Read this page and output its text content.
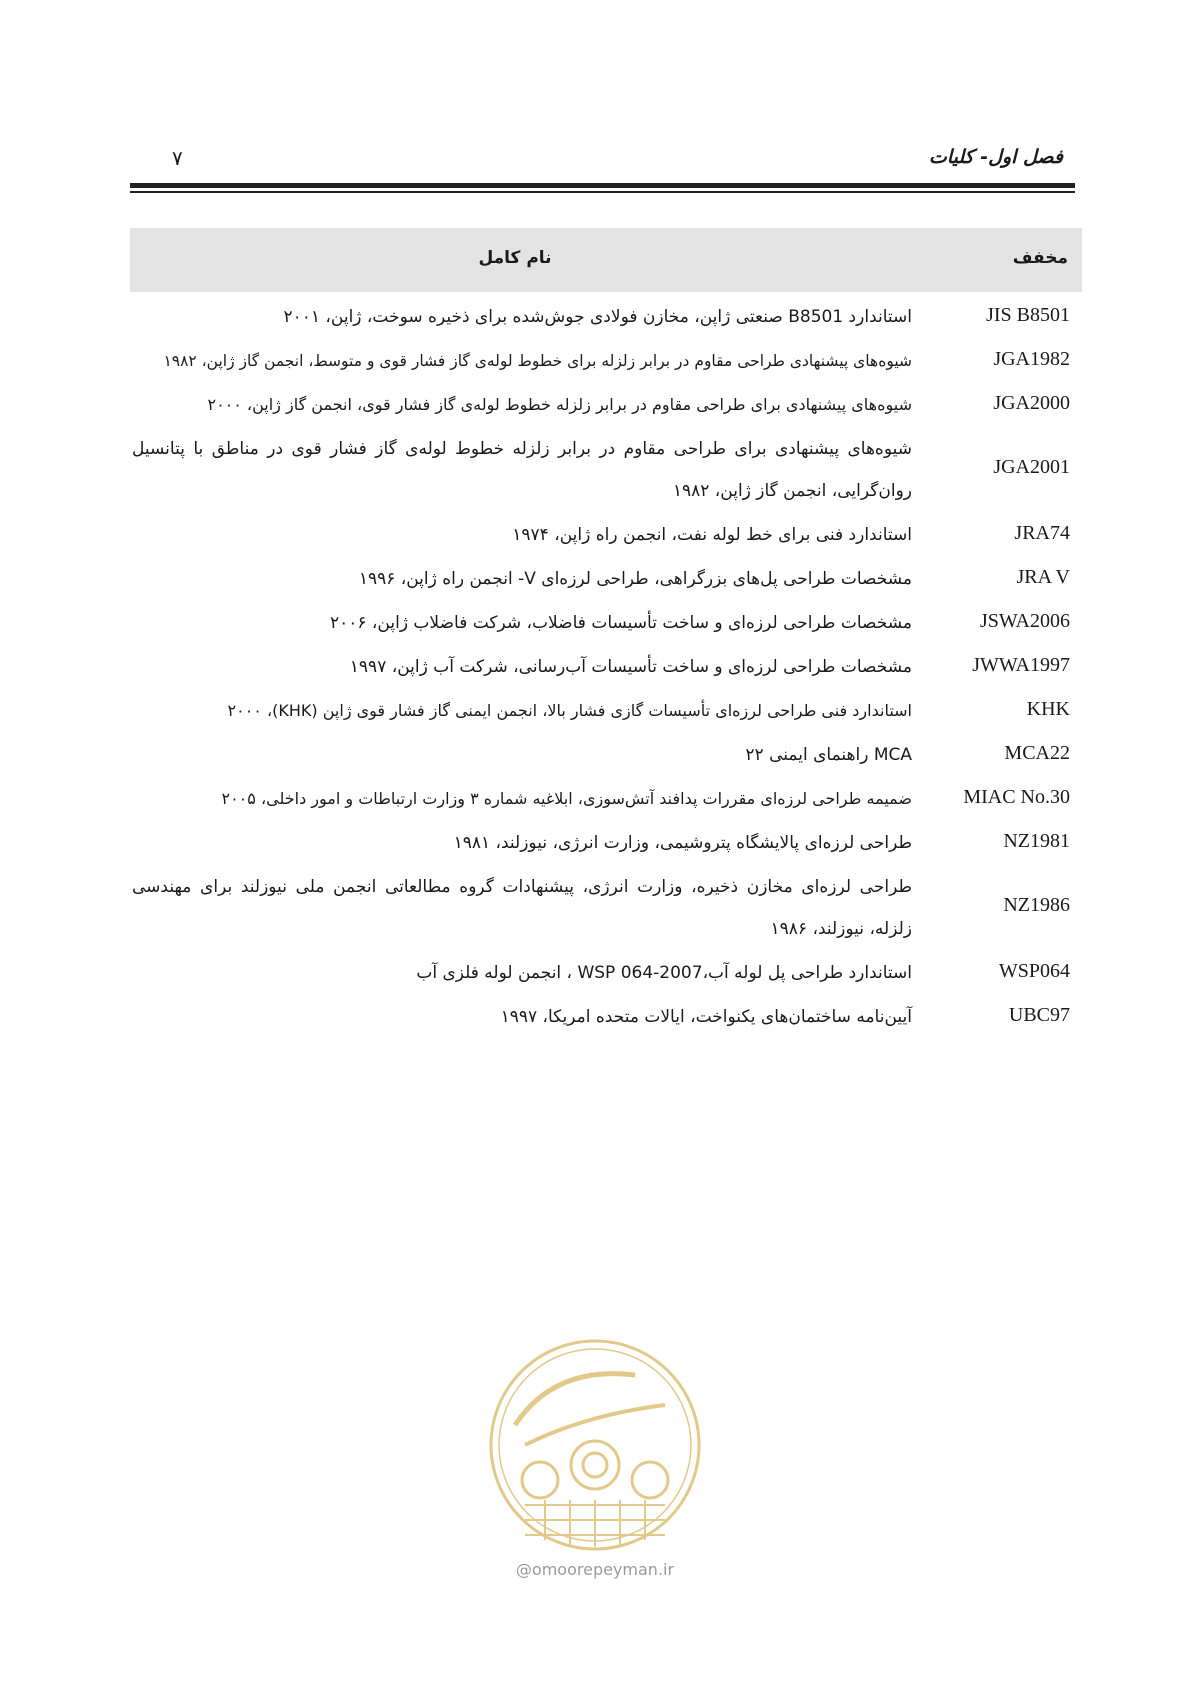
فصل اول- کلیات
۷
مخفف
نام کامل
JIS B8501
استاندارد B8501 صنعتی ژاپن، مخازن فولادی جوش‌شده برای ذخیره سوخت، ژاپن، ۲۰۰۱
JGA1982
شیوه‌های پیشنهادی طراحی مقاوم در برابر زلزله برای خطوط لوله‌ی گاز فشار قوی و متوسط، انجمن گاز ژاپن، ۱۹۸۲
JGA2000
شیوه‌های پیشنهادی برای طراحی مقاوم در برابر زلزله خطوط لوله‌ی گاز فشار قوی، انجمن گاز ژاپن، ۲۰۰۰
JGA2001
شیوه‌های پیشنهادی برای طراحی مقاوم در برابر زلزله خطوط لوله‌ی گاز فشار قوی در مناطق با پتانسیل روان‌گرایی، انجمن گاز ژاپن، ۱۹۸۲
JRA74
استاندارد فنی برای خط لوله نفت، انجمن راه ژاپن، ۱۹۷۴
JRA V
مشخصات طراحی پل‌های بزرگراهی، طراحی لرزه‌ای V- انجمن راه ژاپن، ۱۹۹۶
JSWA2006
مشخصات طراحی لرزه‌ای و ساخت تأسیسات فاضلاب، شرکت فاضلاب ژاپن، ۲۰۰۶
JWWA1997
مشخصات طراحی لرزه‌ای و ساخت تأسیسات آب‌رسانی، شرکت آب ژاپن، ۱۹۹۷
KHK
استاندارد فنی طراحی لرزه‌ای تأسیسات گازی فشار بالا، انجمن ایمنی گاز فشار قوی ژاپن (KHK)، ۲۰۰۰
MCA22
MCA راهنمای ایمنی ۲۲
MIAC No.30
ضمیمه طراحی لرزه‌ای مقررات پدافند آتش‌سوزی، ابلاغیه شماره ۳ وزارت ارتباطات و امور داخلی، ۲۰۰۵
NZ1981
طراحی لرزه‌ای پالایشگاه پتروشیمی، وزارت انرژی، نیوزلند، ۱۹۸۱
NZ1986
طراحی لرزه‌ای مخازن ذخیره، وزارت انرژی، پیشنهادات گروه مطالعاتی انجمن ملی نیوزلند برای مهندسی زلزله، نیوزلند، ۱۹۸۶
WSP064
استاندارد طراحی پل لوله آب،WSP 064-2007 ، انجمن لوله فلزی آب
UBC97
آیین‌نامه ساختمان‌های یکنواخت، ایالات متحده امریکا، ۱۹۹۷
@omoorepeyman.ir
